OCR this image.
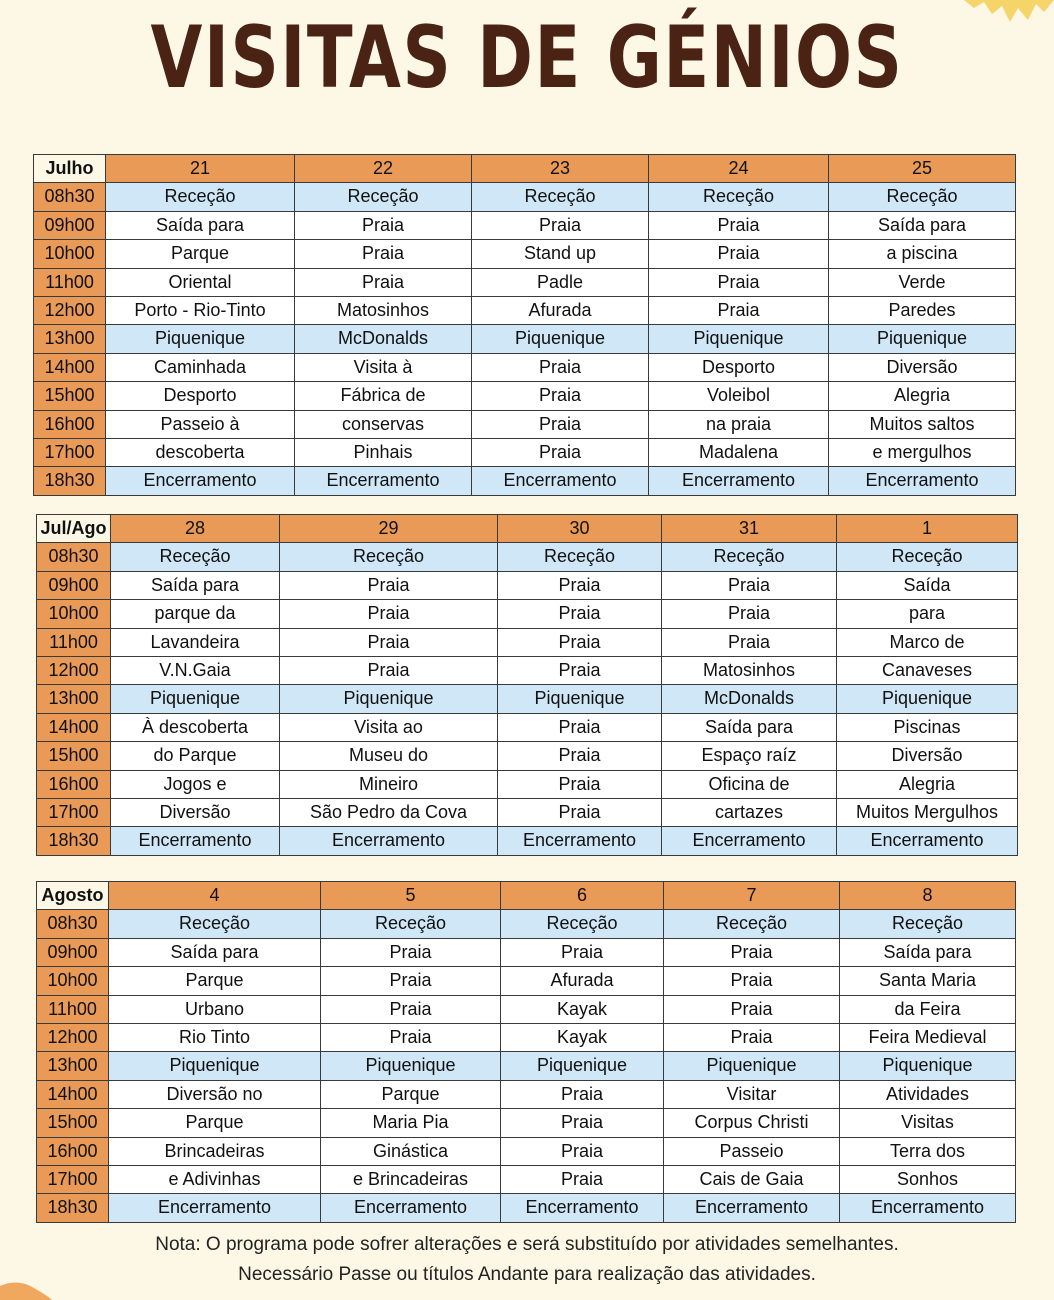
VISITAS DE GÉNIOS
Julho	21	22	23	24	25
08h30	Receção	Receção	Receção	Receção	Receção
09h00	Saída para	Praia	Praia	Praia	Saída para
10h00	Parque	Praia	Stand up	Praia	a piscina
11h00	Oriental	Praia	Padle	Praia	Verde
12h00	Porto - Rio-Tinto	Matosinhos	Afurada	Praia	Paredes
13h00	Piquenique	McDonalds	Piquenique	Piquenique	Piquenique
14h00	Caminhada	Visita à	Praia	Desporto	Diversão
15h00	Desporto	Fábrica de	Praia	Voleibol	Alegria
16h00	Passeio à	conservas	Praia	na praia	Muitos saltos
17h00	descoberta	Pinhais	Praia	Madalena	e mergulhos
18h30	Encerramento	Encerramento	Encerramento	Encerramento	Encerramento
Jul/Ago	28	29	30	31	1
08h30	Receção	Receção	Receção	Receção	Receção
09h00	Saída para	Praia	Praia	Praia	Saída
10h00	parque da	Praia	Praia	Praia	para
11h00	Lavandeira	Praia	Praia	Praia	Marco de
12h00	V.N.Gaia	Praia	Praia	Matosinhos	Canaveses
13h00	Piquenique	Piquenique	Piquenique	McDonalds	Piquenique
14h00	À descoberta	Visita ao	Praia	Saída para	Piscinas
15h00	do Parque	Museu do	Praia	Espaço raíz	Diversão
16h00	Jogos e	Mineiro	Praia	Oficina de	Alegria
17h00	Diversão	São Pedro da Cova	Praia	cartazes	Muitos Mergulhos
18h30	Encerramento	Encerramento	Encerramento	Encerramento	Encerramento
Agosto	4	5	6	7	8
08h30	Receção	Receção	Receção	Receção	Receção
09h00	Saída para	Praia	Praia	Praia	Saída para
10h00	Parque	Praia	Afurada	Praia	Santa Maria
11h00	Urbano	Praia	Kayak	Praia	da Feira
12h00	Rio Tinto	Praia	Kayak	Praia	Feira Medieval
13h00	Piquenique	Piquenique	Piquenique	Piquenique	Piquenique
14h00	Diversão no	Parque	Praia	Visitar	Atividades
15h00	Parque	Maria Pia	Praia	Corpus Christi	Visitas
16h00	Brincadeiras	Ginástica	Praia	Passeio	Terra dos
17h00	e Adivinhas	e Brincadeiras	Praia	Cais de Gaia	Sonhos
18h30	Encerramento	Encerramento	Encerramento	Encerramento	Encerramento
Nota: O programa pode sofrer alterações e será substituído por atividades semelhantes.
Necessário Passe ou títulos Andante para realização das atividades.
